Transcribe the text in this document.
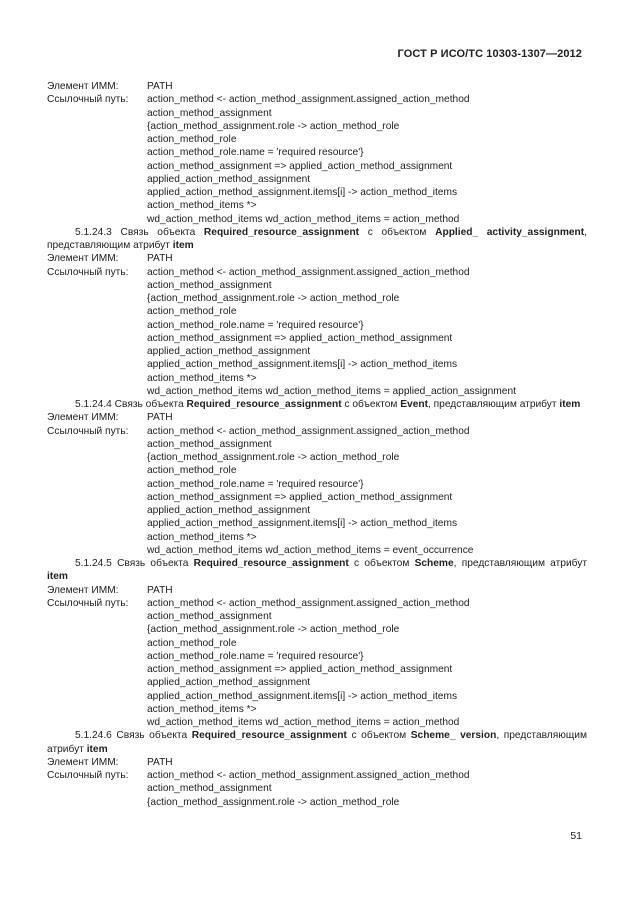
ГОСТ Р ИСО/ТС 10303-1307—2012
Элемент ИММ:	PATH
Ссылочный путь:	action_method <- action_method_assignment.assigned_action_method
action_method_assignment
{action_method_assignment.role -> action_method_role
action_method_role
action_method_role.name = 'required resource'}
action_method_assignment => applied_action_method_assignment
applied_action_method_assignment
applied_action_method_assignment.items[i] -> action_method_items
action_method_items *>
wd_action_method_items wd_action_method_items = action_method
5.1.24.3 Связь объекта Required_resource_assignment с объектом Applied_ activity_assignment, представляющим атрибут item
Элемент ИММ:	PATH
Ссылочный путь:	action_method <- action_method_assignment.assigned_action_method
action_method_assignment
{action_method_assignment.role -> action_method_role
action_method_role
action_method_role.name = 'required resource'}
action_method_assignment => applied_action_method_assignment
applied_action_method_assignment
applied_action_method_assignment.items[i] -> action_method_items
action_method_items *>
wd_action_method_items wd_action_method_items = applied_action_assignment
5.1.24.4 Связь объекта Required_resource_assignment с объектом Event, представляющим атрибут item
Элемент ИММ:	PATH
Ссылочный путь:	action_method <- action_method_assignment.assigned_action_method
action_method_assignment
{action_method_assignment.role -> action_method_role
action_method_role
action_method_role.name = 'required resource'}
action_method_assignment => applied_action_method_assignment
applied_action_method_assignment
applied_action_method_assignment.items[i] -> action_method_items
action_method_items *>
wd_action_method_items wd_action_method_items = event_occurrence
5.1.24.5 Связь объекта Required_resource_assignment с объектом Scheme, представляющим атрибут item
Элемент ИММ:	PATH
Ссылочный путь:	action_method <- action_method_assignment.assigned_action_method
action_method_assignment
{action_method_assignment.role -> action_method_role
action_method_role
action_method_role.name = 'required resource'}
action_method_assignment => applied_action_method_assignment
applied_action_method_assignment
applied_action_method_assignment.items[i] -> action_method_items
action_method_items *>
wd_action_method_items wd_action_method_items = action_method
5.1.24.6 Связь объекта Required_resource_assignment с объектом Scheme_ version, представляющим атрибут item
Элемент ИММ:	PATH
Ссылочный путь:	action_method <- action_method_assignment.assigned_action_method
action_method_assignment
{action_method_assignment.role -> action_method_role
51
